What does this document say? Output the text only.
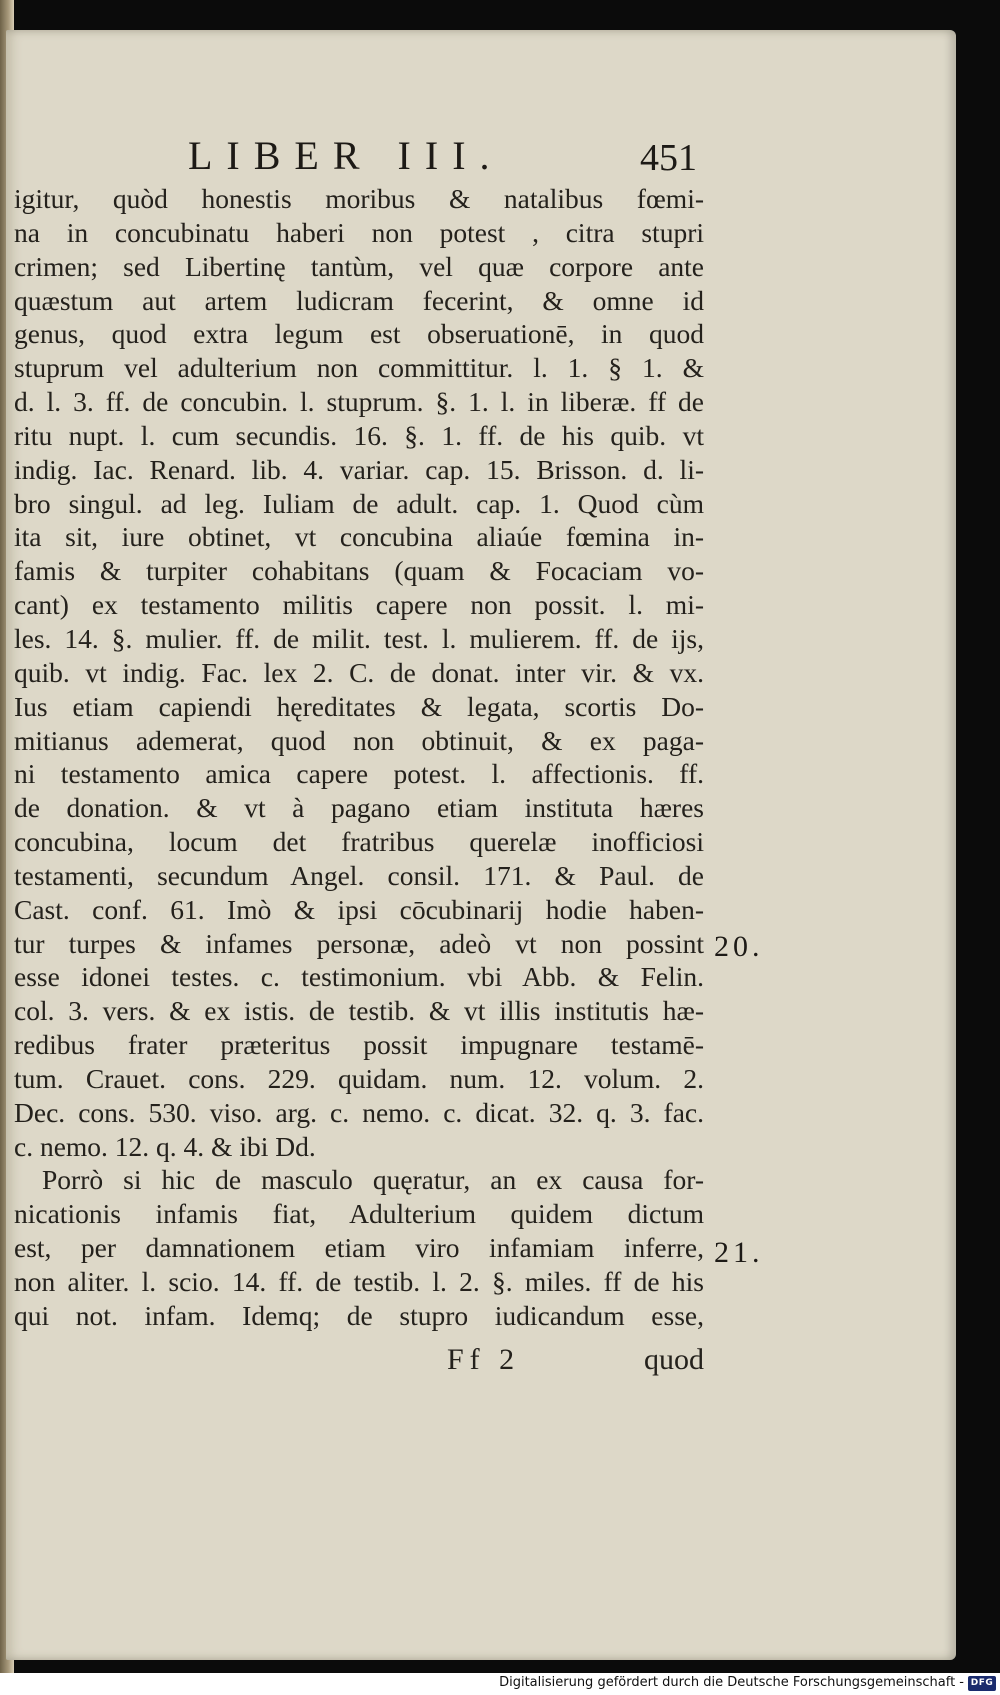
LIBER III.	451
igitur, quòd honestis moribus & natalibus fœmi-
na in concubinatu haberi non potest , citra stupri
crimen; sed Libertinę tantùm, vel quæ corpore ante
quæstum aut artem ludicram fecerint, & omne id
genus, quod extra legum est obseruationē, in quod
stuprum vel adulterium non committitur. l. 1. § 1. &
d. l. 3. ff. de concubin. l. stuprum. §. 1. l. in liberæ. ff de
ritu nupt. l. cum secundis. 16. §. 1. ff. de his quib. vt
indig. Iac. Renard. lib. 4. variar. cap. 15. Brisson. d. li-
bro singul. ad leg. Iuliam de adult. cap. 1. Quod cùm
ita sit, iure obtinet, vt concubina aliaúe fœmina in-
famis & turpiter cohabitans (quam & Focaciam vo-
cant) ex testamento militis capere non possit. l. mi-
les. 14. §. mulier. ff. de milit. test. l. mulierem. ff. de ijs,
quib. vt indig. Fac. lex 2. C. de donat. inter vir. & vx.
Ius etiam capiendi hęreditates & legata, scortis Do-
mitianus ademerat, quod non obtinuit, & ex paga-
ni testamento amica capere potest. l. affectionis. ff.
de donation. & vt à pagano etiam instituta hæres
concubina, locum det fratribus querelæ inofficiosi
testamenti, secundum Angel. consil. 171. & Paul. de
Cast. conf. 61. Imò & ipsi cōcubinarij hodie haben-
tur turpes & infames personæ, adeò vt non possint
esse idonei testes. c. testimonium. vbi Abb. & Felin.
col. 3. vers. & ex istis. de testib. & vt illis institutis hæ-
redibus frater præteritus possit impugnare testamē-
tum. Crauet. cons. 229. quidam. num. 12. volum. 2.
Dec. cons. 530. viso. arg. c. nemo. c. dicat. 32. q. 3. fac.
c. nemo. 12. q. 4. & ibi Dd.
Porrò si hic de masculo quęratur, an ex causa for-
nicationis infamis fiat, Adulterium quidem dictum
est, per damnationem etiam viro infamiam inferre,
non aliter. l. scio. 14. ff. de testib. l. 2. §. miles. ff de his
qui not. infam. Idemq; de stupro iudicandum esse,
20.
21.
Ff 2	quod
Digitalisierung gefördert durch die Deutsche Forschungsgemeinschaft - DFG
